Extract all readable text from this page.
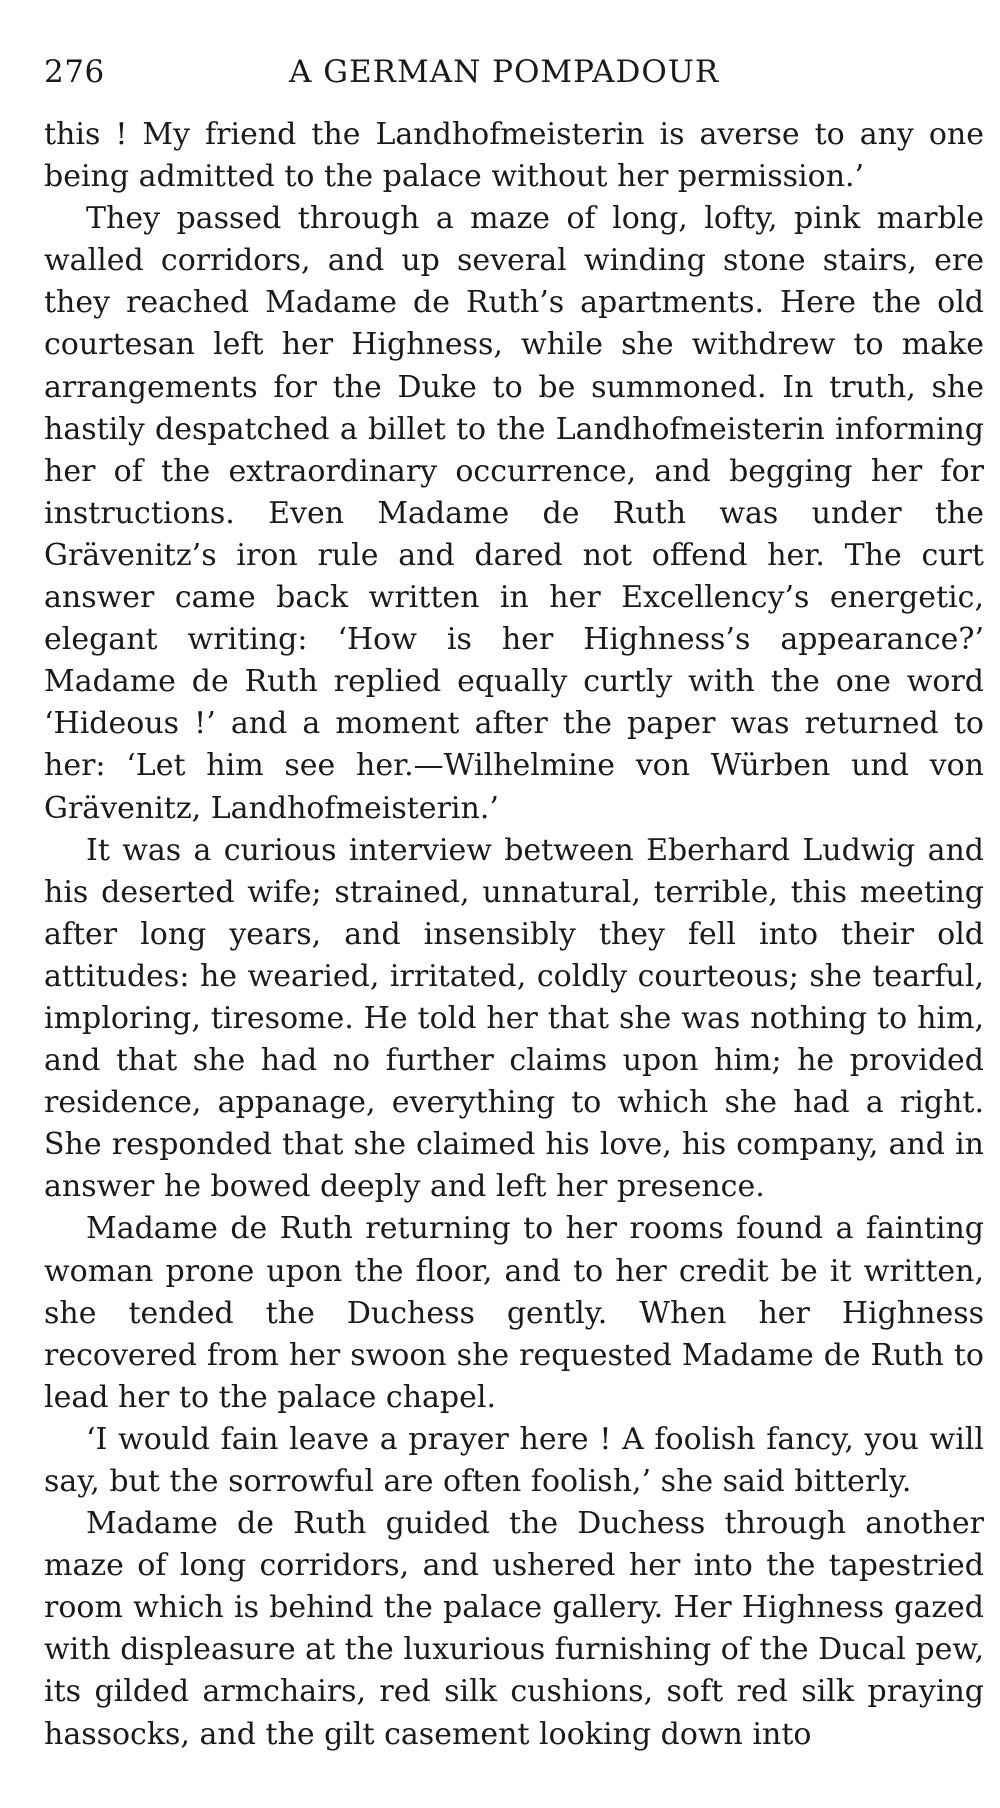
276	A GERMAN POMPADOUR

this ! My friend the Landhofmeisterin is averse to any one being admitted to the palace without her permission.’

They passed through a maze of long, lofty, pink marble walled corridors, and up several winding stone stairs, ere they reached Madame de Ruth’s apartments. Here the old courtesan left her Highness, while she withdrew to make arrangements for the Duke to be summoned. In truth, she hastily despatched a billet to the Landhofmeisterin informing her of the extraordinary occurrence, and begging her for instructions. Even Madame de Ruth was under the Grävenitz’s iron rule and dared not offend her. The curt answer came back written in her Excellency’s energetic, elegant writing: ‘How is her Highness’s appearance?’ Madame de Ruth replied equally curtly with the one word ‘Hideous !’ and a moment after the paper was returned to her: ‘Let him see her.—Wilhelmine von Würben und von Grävenitz, Landhofmeisterin.’

It was a curious interview between Eberhard Ludwig and his deserted wife; strained, unnatural, terrible, this meeting after long years, and insensibly they fell into their old attitudes: he wearied, irritated, coldly courteous; she tearful, imploring, tiresome. He told her that she was nothing to him, and that she had no further claims upon him; he provided residence, appanage, everything to which she had a right. She responded that she claimed his love, his company, and in answer he bowed deeply and left her presence.

Madame de Ruth returning to her rooms found a fainting woman prone upon the floor, and to her credit be it written, she tended the Duchess gently. When her Highness recovered from her swoon she requested Madame de Ruth to lead her to the palace chapel.

‘I would fain leave a prayer here ! A foolish fancy, you will say, but the sorrowful are often foolish,’ she said bitterly.

Madame de Ruth guided the Duchess through another maze of long corridors, and ushered her into the tapestried room which is behind the palace gallery. Her Highness gazed with displeasure at the luxurious furnishing of the Ducal pew, its gilded armchairs, red silk cushions, soft red silk praying hassocks, and the gilt casement looking down into
